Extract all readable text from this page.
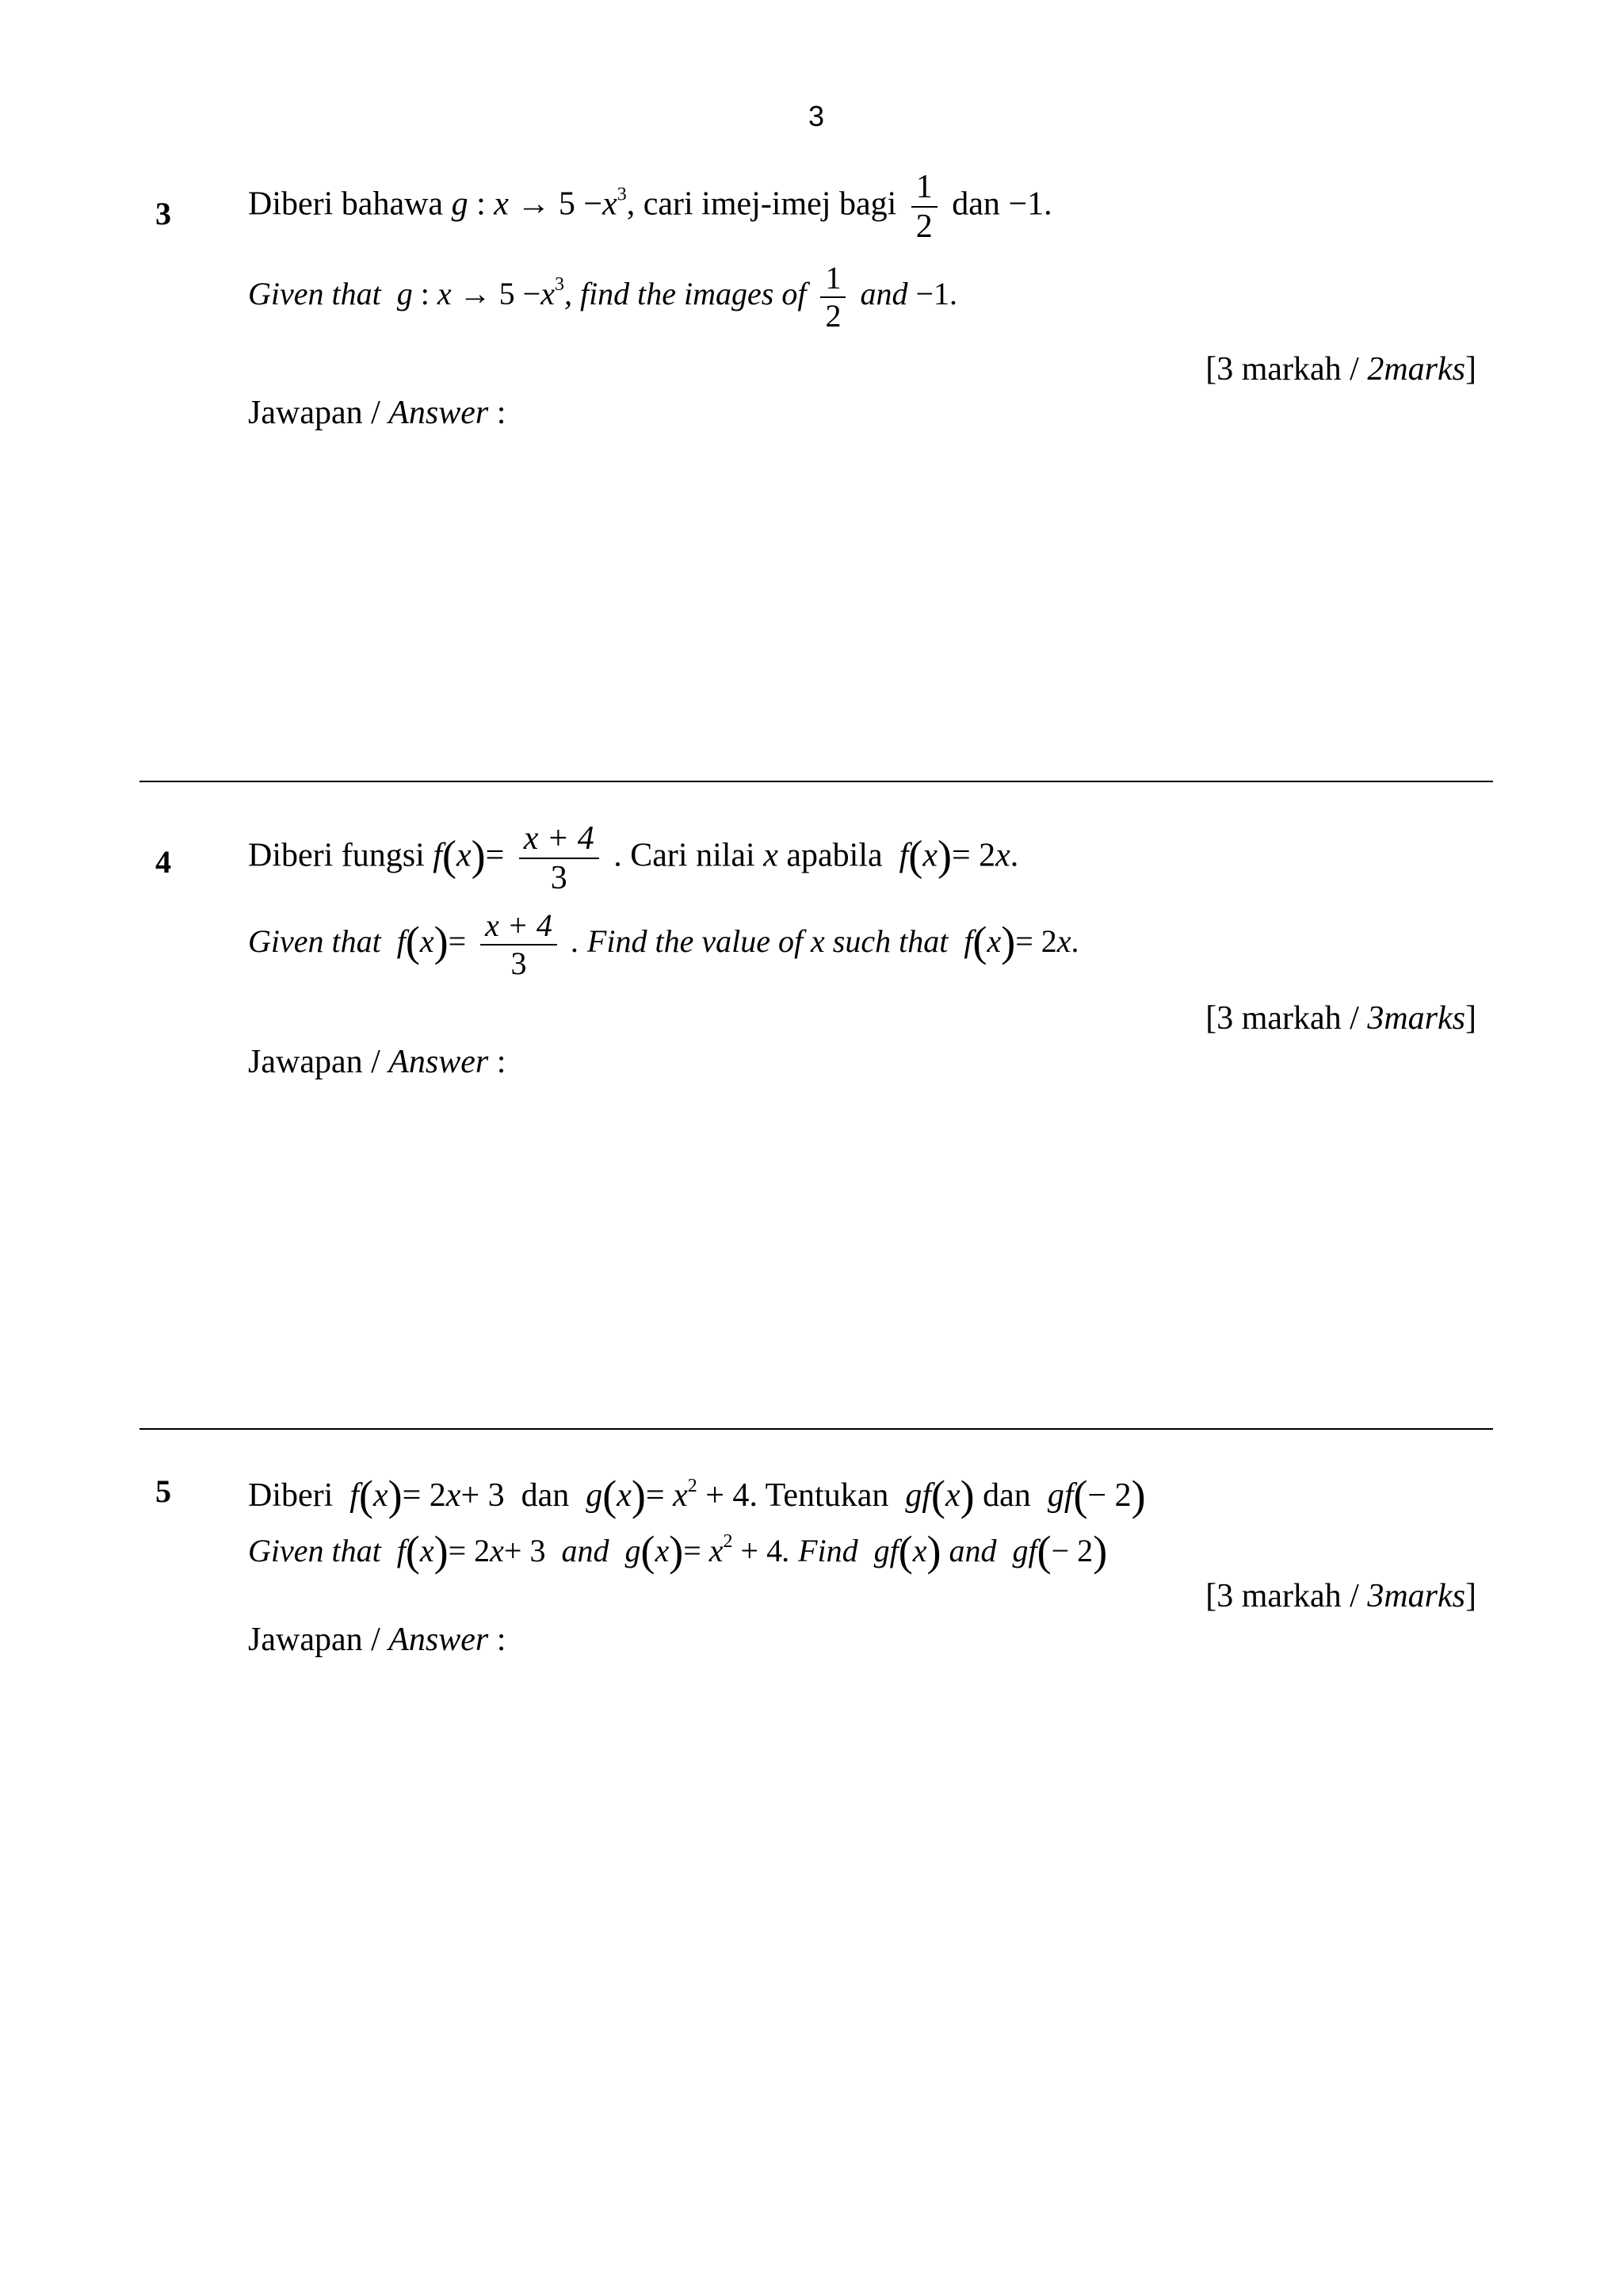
3
3 Diberi bahawa g : $x \to 5 -x^3$, cari imej-imej bagi $\frac{1}{2}$ dan −1.
Given that g : $x \to 5 -x^3$, find the images of $\frac{1}{2}$ and −1.
[3 markah / 2marks]
Jawapan / Answer :
4 Diberi fungsi $f(x)= \frac{x + 4}{3}$ . Cari nilai x apabila f(x)= 2x.
Given that $f(x)= \frac{x + 4}{3}$ . Find the value of x such that f(x)= 2x.
[3 markah / 3marks]
Jawapan / Answer :
5 Diberi f(x)= 2x+ 3 dan $g(x)= x^2 + 4$. Tentukan gf(x) dan gf(− 2)
Given that f(x)= 2x+ 3 and $g(x)= x^2 + 4$. Find gf(x) and gf(− 2)
[3 markah / 3marks]
Jawapan / Answer :
